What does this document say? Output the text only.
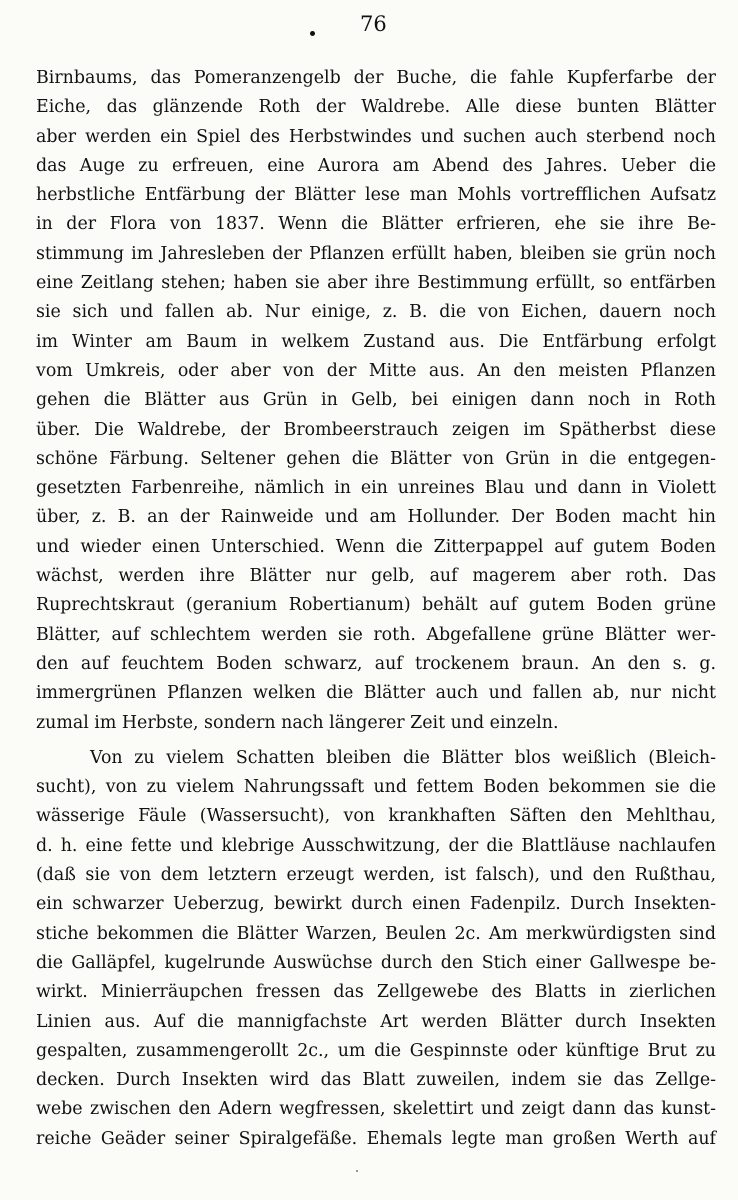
76
Birnbaums, das Pomeranzengelb der Buche, die fahle Kupferfarbe der
Eiche, das glänzende Roth der Waldrebe. Alle diese bunten Blätter
aber werden ein Spiel des Herbstwindes und suchen auch sterbend noch
das Auge zu erfreuen, eine Aurora am Abend des Jahres. Ueber die
herbstliche Entfärbung der Blätter lese man Mohls vortrefflichen Aufsatz
in der Flora von 1837. Wenn die Blätter erfrieren, ehe sie ihre Be-
stimmung im Jahresleben der Pflanzen erfüllt haben, bleiben sie grün noch
eine Zeitlang stehen; haben sie aber ihre Bestimmung erfüllt, so entfärben
sie sich und fallen ab. Nur einige, z. B. die von Eichen, dauern noch
im Winter am Baum in welkem Zustand aus. Die Entfärbung erfolgt
vom Umkreis, oder aber von der Mitte aus. An den meisten Pflanzen
gehen die Blätter aus Grün in Gelb, bei einigen dann noch in Roth
über. Die Waldrebe, der Brombeerstrauch zeigen im Spätherbst diese
schöne Färbung. Seltener gehen die Blätter von Grün in die entgegen-
gesetzten Farbenreihe, nämlich in ein unreines Blau und dann in Violett
über, z. B. an der Rainweide und am Hollunder. Der Boden macht hin
und wieder einen Unterschied. Wenn die Zitterpappel auf gutem Boden
wächst, werden ihre Blätter nur gelb, auf magerem aber roth. Das
Ruprechtskraut (geranium Robertianum) behält auf gutem Boden grüne
Blätter, auf schlechtem werden sie roth. Abgefallene grüne Blätter wer-
den auf feuchtem Boden schwarz, auf trockenem braun. An den s. g.
immergrünen Pflanzen welken die Blätter auch und fallen ab, nur nicht
zumal im Herbste, sondern nach längerer Zeit und einzeln.
Von zu vielem Schatten bleiben die Blätter blos weißlich (Bleich-
sucht), von zu vielem Nahrungssaft und fettem Boden bekommen sie die
wässerige Fäule (Wassersucht), von krankhaften Säften den Mehlthau,
d. h. eine fette und klebrige Ausschwitzung, der die Blattläuse nachlaufen
(daß sie von dem letztern erzeugt werden, ist falsch), und den Rußthau,
ein schwarzer Ueberzug, bewirkt durch einen Fadenpilz. Durch Insekten-
stiche bekommen die Blätter Warzen, Beulen 2c. Am merkwürdigsten sind
die Galläpfel, kugelrunde Auswüchse durch den Stich einer Gallwespe be-
wirkt. Minierräupchen fressen das Zellgewebe des Blatts in zierlichen
Linien aus. Auf die mannigfachste Art werden Blätter durch Insekten
gespalten, zusammengerollt 2c., um die Gespinnste oder künftige Brut zu
decken. Durch Insekten wird das Blatt zuweilen, indem sie das Zellge-
webe zwischen den Adern wegfressen, skelettirt und zeigt dann das kunst-
reiche Geäder seiner Spiralgefäße. Ehemals legte man großen Werth auf
